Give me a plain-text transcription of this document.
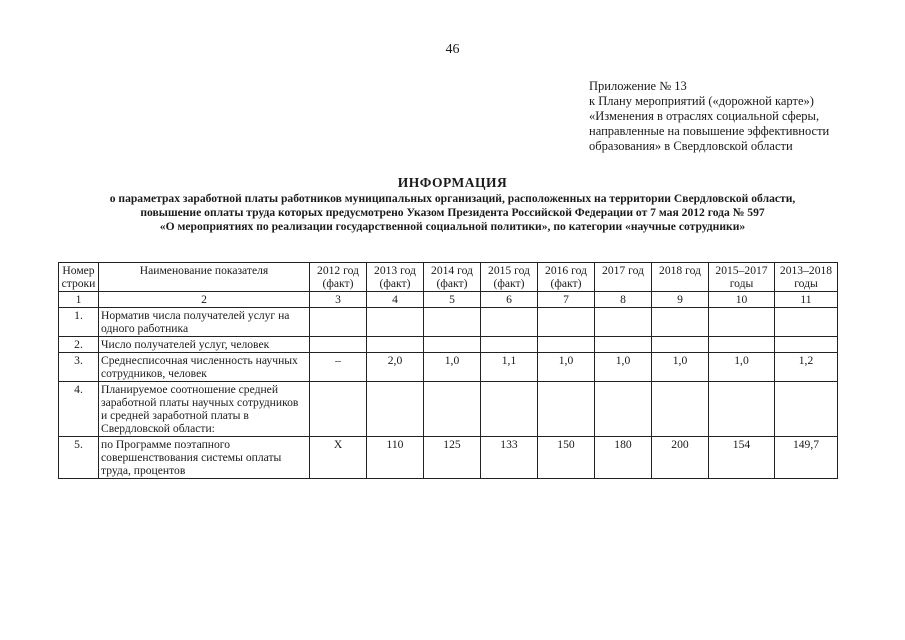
46
Приложение № 13
к Плану мероприятий («дорожной карте»)
«Изменения в отраслях социальной сферы,
направленные на повышение эффективности
образования» в Свердловской области
ИНФОРМАЦИЯ
о параметрах заработной платы работников муниципальных организаций, расположенных на территории Свердловской области,
повышение оплаты труда которых предусмотрено Указом Президента Российской Федерации от 7 мая 2012 года № 597
«О мероприятиях по реализации государственной социальной политики», по категории «научные сотрудники»
Номер строки	Наименование показателя	2012 год (факт)	2013 год (факт)	2014 год (факт)	2015 год (факт)	2016 год (факт)	2017 год	2018 год	2015–2017 годы	2013–2018 годы
1	2	3	4	5	6	7	8	9	10	11
1.	Норматив числа получателей услуг на одного работника									
2.	Число получателей услуг, человек									
3.	Среднесписочная численность научных сотрудников, человек	–	2,0	1,0	1,1	1,0	1,0	1,0	1,0	1,2
4.	Планируемое соотношение средней заработной платы научных сотрудников и средней заработной платы в Свердловской области:									
5.	по Программе поэтапного совершенствования системы оплаты труда, процентов	Х	110	125	133	150	180	200	154	149,7
